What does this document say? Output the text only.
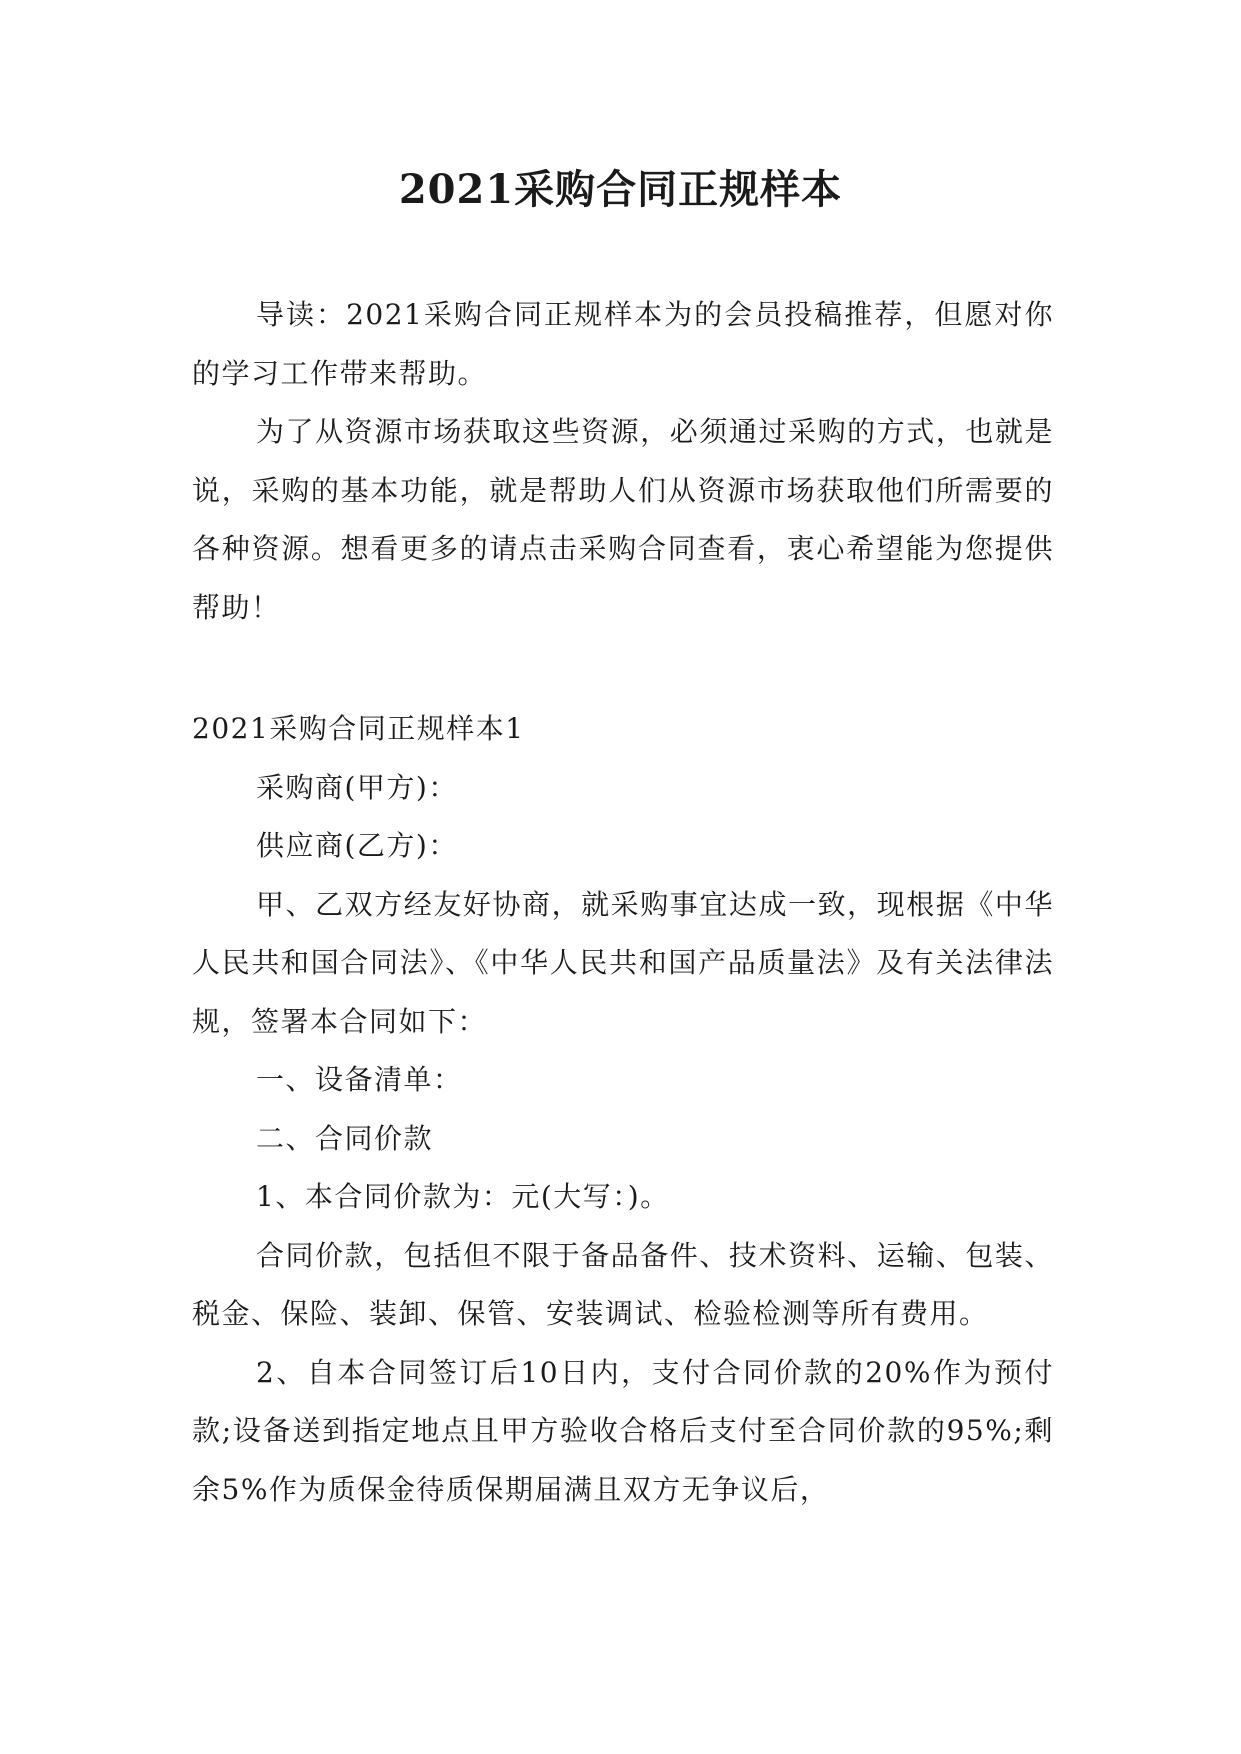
2021采购合同正规样本

导读：2021采购合同正规样本为的会员投稿推荐，但愿对你的学习工作带来帮助。

为了从资源市场获取这些资源，必须通过采购的方式，也就是说，采购的基本功能，就是帮助人们从资源市场获取他们所需要的各种资源。想看更多的请点击采购合同查看，衷心希望能为您提供帮助！

2021采购合同正规样本1

采购商(甲方)：

供应商(乙方)：

甲、乙双方经友好协商，就采购事宜达成一致，现根据《中华人民共和国合同法》、《中华人民共和国产品质量法》及有关法律法规，签署本合同如下：

一、设备清单：

二、合同价款

1、本合同价款为：元(大写：)。

合同价款，包括但不限于备品备件、技术资料、运输、包装、税金、保险、装卸、保管、安装调试、检验检测等所有费用。

2、自本合同签订后10日内，支付合同价款的20%作为预付款;设备送到指定地点且甲方验收合格后支付至合同价款的95%;剩余5%作为质保金待质保期届满且双方无争议后，
